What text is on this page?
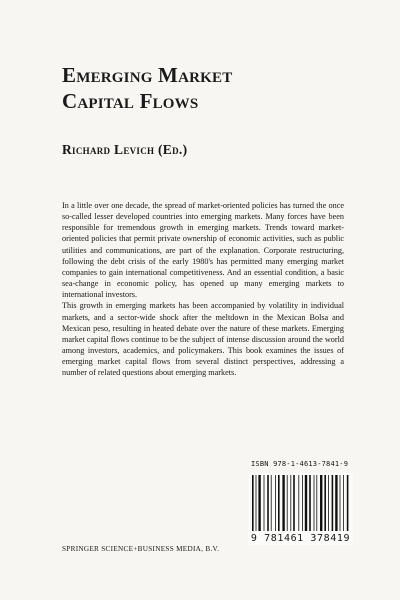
Emerging Market
Capital Flows
Richard Levich (Ed.)

In a little over one decade, the spread of market-oriented policies has turned the once so-called lesser developed countries into emerging markets. Many forces have been responsible for tremendous growth in emerging markets. Trends toward market-oriented policies that permit private ownership of economic activities, such as public utilities and communications, are part of the explanation. Corporate restructuring, following the debt crisis of the early 1980's has permitted many emerging market companies to gain international competitiveness. And an essential condition, a basic sea-change in economic policy, has opened up many emerging markets to international investors.

This growth in emerging markets has been accompanied by volatility in individual markets, and a sector-wide shock after the meltdown in the Mexican Bolsa and Mexican peso, resulting in heated debate over the nature of these markets. Emerging market capital flows continue to be the subject of intense discussion around the world among investors, academics, and policymakers. This book examines the issues of emerging market capital flows from several distinct perspectives, addressing a number of related questions about emerging markets.

ISBN 978-1-4613-7841-9

9 781461 378419

SPRINGER SCIENCE+BUSINESS MEDIA, B.V.
